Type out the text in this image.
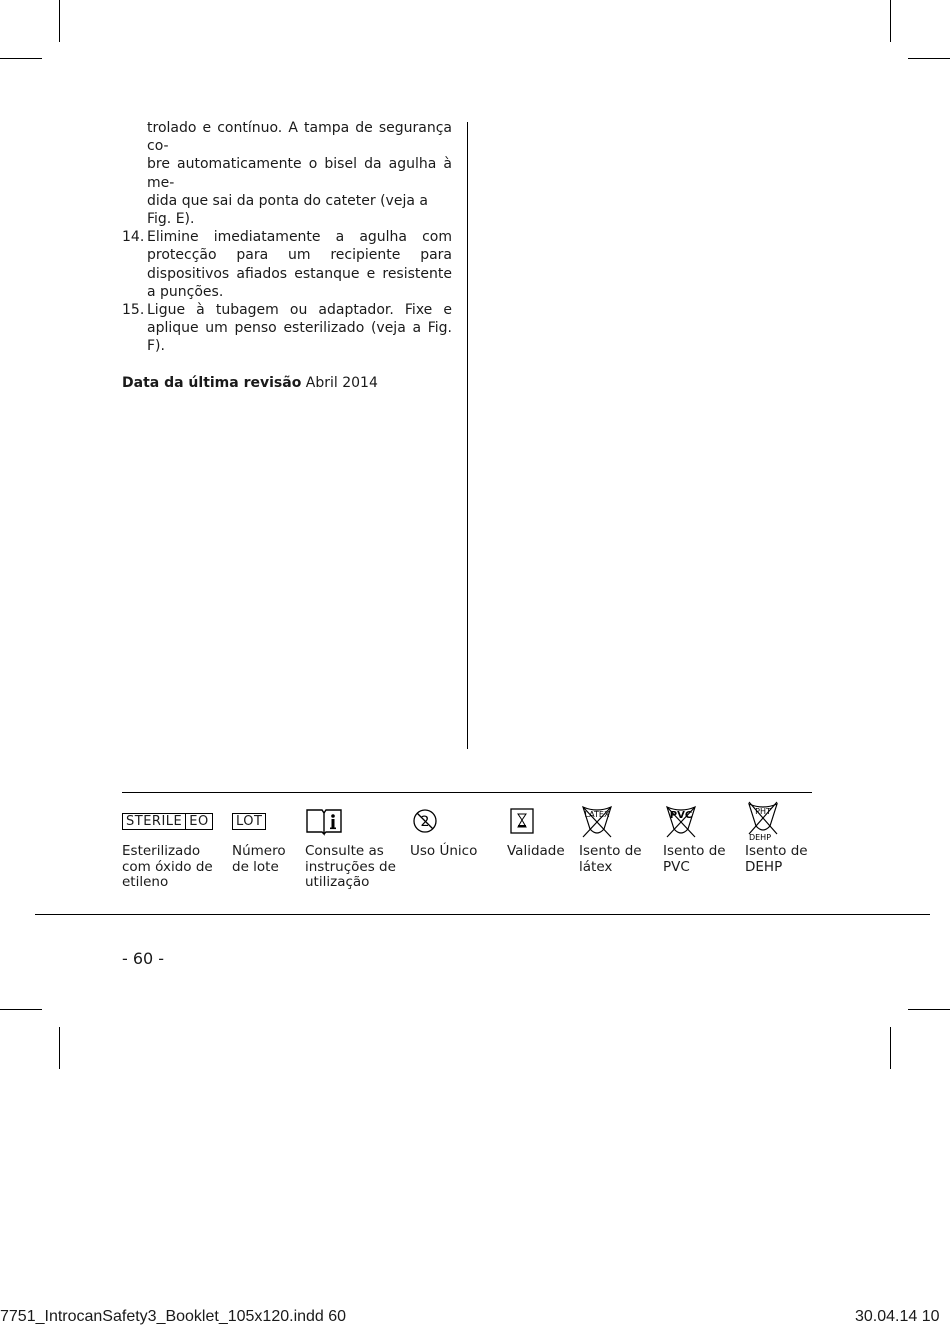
trolado e contínuo. A tampa de segurança co-

bre automaticamente o bisel da agulha à me-

dida que sai da ponta do cateter (veja a Fig. E).

14. Elimine imediatamente a agulha com protecção para um recipiente para dispositivos afiados estanque e resistente a punções.
15. Ligue à tubagem ou adaptador. Fixe e aplique um penso esterilizado (veja a Fig. F).

Data da última revisão Abril 2014

STERILE EO
Esterilizado com óxido de etileno
LOT
Número de lote
Consulte as instruções de utilização
2
Uso Único	Validade
LATEX
Isento de látex
PVC
Isento de PVC
PHT
DEHP
Isento de DEHP
- 60 -
7751_IntrocanSafety3_Booklet_105x120.indd 60	30.04.14 10
